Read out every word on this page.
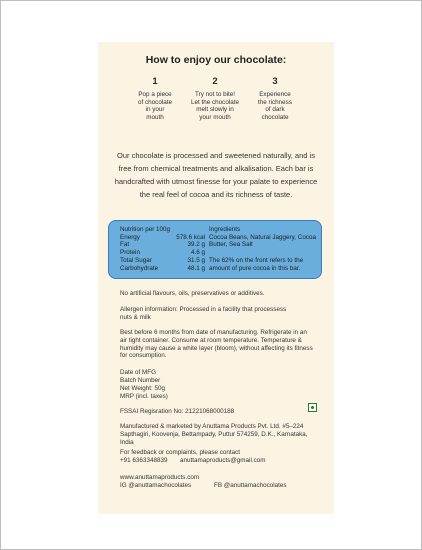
How to enjoy our chocolate:
1
Pop a piece
of chocolate
in your
mouth
2
Try not to bite!
Let the chocolate
melt slowly in
your mouth
3
Experience
the richness
of dark
chocolate
Our chocolate is processed and sweetened naturally, and is free from chemical treatments and alkalisation. Each bar is handcrafted with utmost finesse for your palate to experience the real feel of cocoa and its richness of taste.
Nutrition per 100g
Energy	578.6 kcal
Fat	39.2 g
Protein	4.6 g
Total Sugar	31.5 g
Carbohydrate	48.1 g
Ingredients
Cocoa Beans, Natural Jaggery, Cocoa Butter, Sea Salt
The 62% on the front refers to the amount of pure cocoa in this bar.
No artificial flavours, oils, preservatives or additives.
Allergen information: Processed in a facility that processess nuts & milk
Best before 6 months from date of manufacturing. Refrigerate in an air tight container. Consume at room temperature. Temperature & humidity may cause a white layer (bloom), without affecting its fitness for consumption.
Date of MFG
Batch Number
Net Weight: 50g
MRP (incl. taxes)
FSSAI Regisration No: 21221068000188
Manufactured & marketed by Anuttama Products Pvt. Ltd. #5–224 Sapthagiri, Koovenja, Bettampady, Puttur 574259, D.K., Karnataka, India
For feedback or complaints, please contact
+91 6363348839 anuttamaproducts@gmail.com
www.anuttamaproducts.com
IG @anuttamachocolates	FB @anuttamachocolates
